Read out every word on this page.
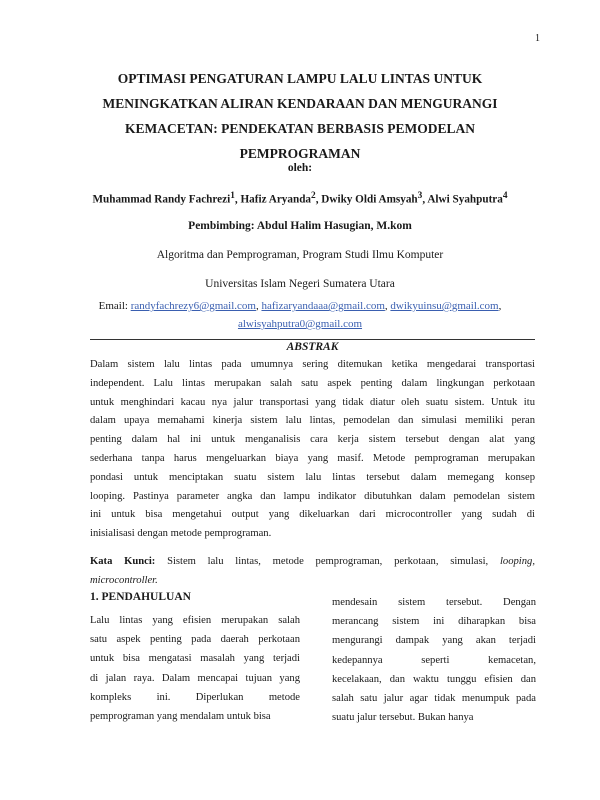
1
OPTIMASI PENGATURAN LAMPU LALU LINTAS UNTUK
MENINGKATKAN ALIRAN KENDARAAN DAN MENGURANGI
KEMACETAN: PENDEKATAN BERBASIS PEMODELAN
PEMPROGRAMAN
oleh:
Muhammad Randy Fachrezi$^1$, Hafiz Aryanda$^2$, Dwiky Oldi Amsyah$^3$, Alwi Syahputra$^4$
Pembimbing: Abdul Halim Hasugian, M.kom
Algoritma dan Pemprograman, Program Studi Ilmu Komputer
Universitas Islam Negeri Sumatera Utara
Email: randyfachrezy6@gmail.com, hafizaryandaaa@gmail.com, dwikyuinsu@gmail.com,
alwisyahputra0@gmail.com
ABSTRAK
Dalam sistem lalu lintas pada umumnya sering ditemukan ketika mengedarai transportasi
independent. Lalu lintas merupakan salah satu aspek penting dalam lingkungan perkotaan
untuk menghindari kacau nya jalur transportasi yang tidak diatur oleh suatu sistem. Untuk itu
dalam upaya memahami kinerja sistem lalu lintas, pemodelan dan simulasi memiliki peran
penting dalam hal ini untuk menganalisis cara kerja sistem tersebut dengan alat yang
sederhana tanpa harus mengeluarkan biaya yang masif. Metode pemprograman merupakan
pondasi untuk menciptakan suatu sistem lalu lintas tersebut dalam memegang konsep
looping. Pastinya parameter angka dan lampu indikator dibutuhkan dalam pemodelan sistem
ini untuk bisa mengetahui output yang dikeluarkan dari microcontroller yang sudah di
inisialisasi dengan metode pemprograman.
Kata Kunci: Sistem lalu lintas, metode pemprograman, perkotaan, simulasi, looping,
microcontroller.
1. PENDAHULUAN
Lalu lintas yang efisien merupakan salah
satu aspek penting pada daerah perkotaan
untuk bisa mengatasi masalah yang terjadi
di jalan raya. Dalam mencapai tujuan yang
kompleks ini. Diperlukan metode
pemprograman yang mendalam untuk bisa
mendesain sistem tersebut. Dengan
merancang sistem ini diharapkan bisa
mengurangi dampak yang akan terjadi
kedepannya seperti kemacetan,
kecelakaan, dan waktu tunggu efisien dan
salah satu jalur agar tidak menumpuk pada
suatu jalur tersebut. Bukan hanya
